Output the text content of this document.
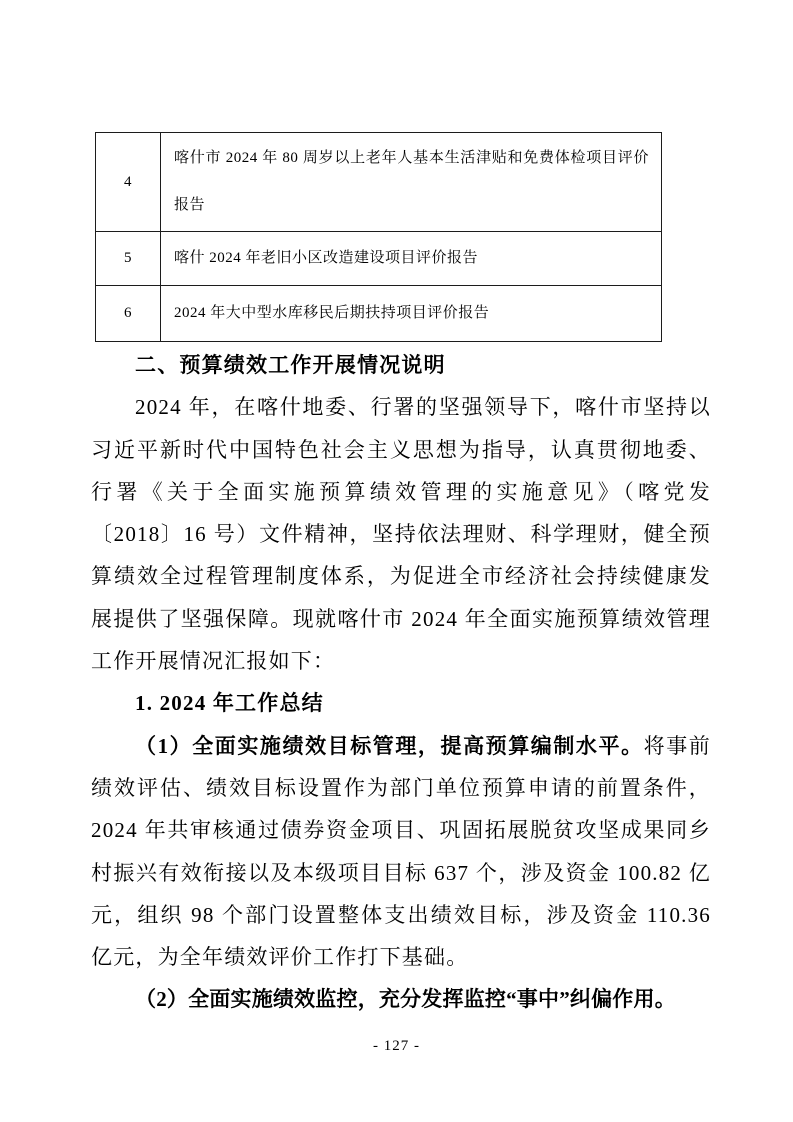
4	喀什市 2024 年 80 周岁以上老年人基本生活津贴和免费体检项目评价报告
5	喀什 2024 年老旧小区改造建设项目评价报告
6	2024 年大中型水库移民后期扶持项目评价报告

二、预算绩效工作开展情况说明

2024 年，在喀什地委、行署的坚强领导下，喀什市坚持以习近平新时代中国特色社会主义思想为指导，认真贯彻地委、行署《关于全面实施预算绩效管理的实施意见》（喀党发〔2018〕16 号）文件精神，坚持依法理财、科学理财，健全预算绩效全过程管理制度体系，为促进全市经济社会持续健康发展提供了坚强保障。现就喀什市 2024 年全面实施预算绩效管理工作开展情况汇报如下：

1. 2024 年工作总结

（1）全面实施绩效目标管理，提高预算编制水平。将事前绩效评估、绩效目标设置作为部门单位预算申请的前置条件，2024 年共审核通过债券资金项目、巩固拓展脱贫攻坚成果同乡村振兴有效衔接以及本级项目目标 637 个，涉及资金 100.82 亿元，组织 98 个部门设置整体支出绩效目标，涉及资金 110.36 亿元，为全年绩效评价工作打下基础。

（2）全面实施绩效监控，充分发挥监控“事中”纠偏作用。

- 127 -
